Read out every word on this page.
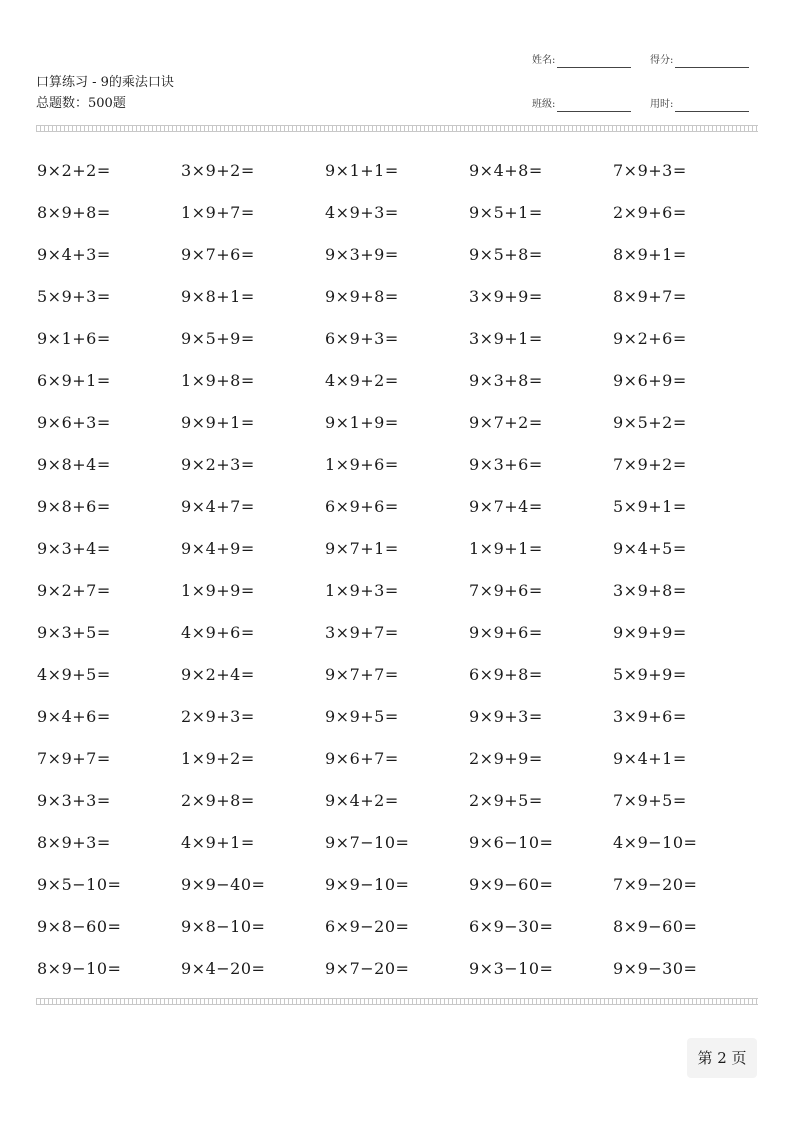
口算练习 - 9的乘法口诀
总题数：500题
姓名:	得分:
班级:	用时:
9×2+2=	3×9+2=	9×1+1=	9×4+8=	7×9+3=
8×9+8=	1×9+7=	4×9+3=	9×5+1=	2×9+6=
9×4+3=	9×7+6=	9×3+9=	9×5+8=	8×9+1=
5×9+3=	9×8+1=	9×9+8=	3×9+9=	8×9+7=
9×1+6=	9×5+9=	6×9+3=	3×9+1=	9×2+6=
6×9+1=	1×9+8=	4×9+2=	9×3+8=	9×6+9=
9×6+3=	9×9+1=	9×1+9=	9×7+2=	9×5+2=
9×8+4=	9×2+3=	1×9+6=	9×3+6=	7×9+2=
9×8+6=	9×4+7=	6×9+6=	9×7+4=	5×9+1=
9×3+4=	9×4+9=	9×7+1=	1×9+1=	9×4+5=
9×2+7=	1×9+9=	1×9+3=	7×9+6=	3×9+8=
9×3+5=	4×9+6=	3×9+7=	9×9+6=	9×9+9=
4×9+5=	9×2+4=	9×7+7=	6×9+8=	5×9+9=
9×4+6=	2×9+3=	9×9+5=	9×9+3=	3×9+6=
7×9+7=	1×9+2=	9×6+7=	2×9+9=	9×4+1=
9×3+3=	2×9+8=	9×4+2=	2×9+5=	7×9+5=
8×9+3=	4×9+1=	9×7−10=	9×6−10=	4×9−10=
9×5−10=	9×9−40=	9×9−10=	9×9−60=	7×9−20=
9×8−60=	9×8−10=	6×9−20=	6×9−30=	8×9−60=
8×9−10=	9×4−20=	9×7−20=	9×3−10=	9×9−30=
第 2 页
